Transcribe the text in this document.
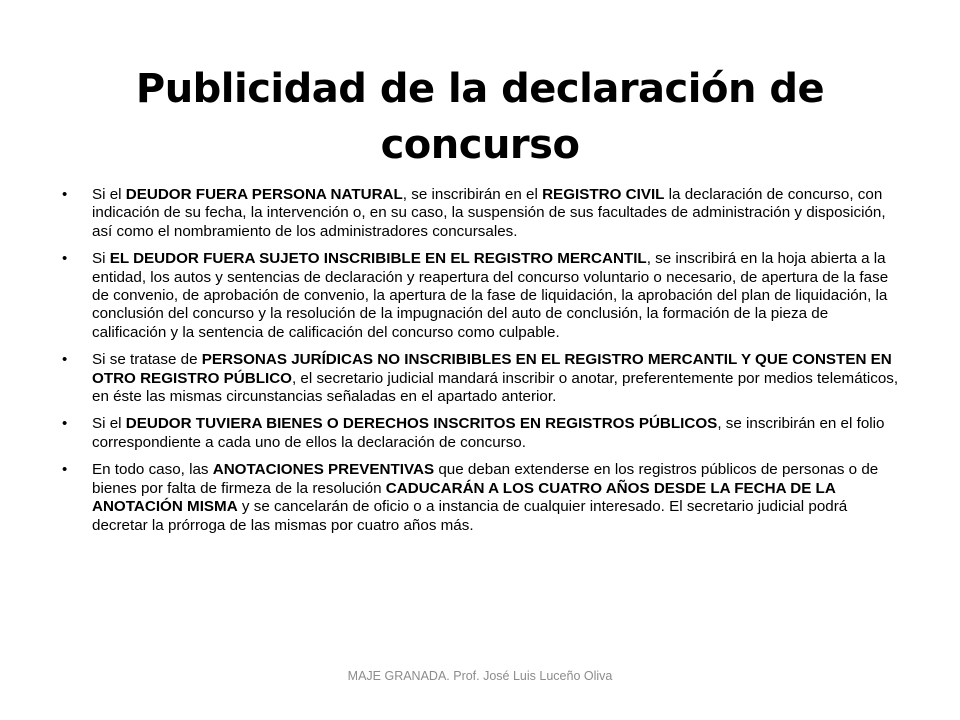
Publicidad de la declaración de concurso
•	Si el DEUDOR FUERA PERSONA NATURAL, se inscribirán en el REGISTRO CIVIL la declaración de concurso, con indicación de su fecha, la intervención o, en su caso, la suspensión de sus facultades de administración y disposición, así como el nombramiento de los administradores concursales.
•	Si EL DEUDOR FUERA SUJETO INSCRIBIBLE EN EL REGISTRO MERCANTIL, se inscribirá en la hoja abierta a la entidad, los autos y sentencias de declaración y reapertura del concurso voluntario o necesario, de apertura de la fase de convenio, de aprobación de convenio, la apertura de la fase de liquidación, la aprobación del plan de liquidación, la conclusión del concurso y la resolución de la impugnación del auto de conclusión, la formación de la pieza de calificación y la sentencia de calificación del concurso como culpable.
•	Si se tratase de PERSONAS JURÍDICAS NO INSCRIBIBLES EN EL REGISTRO MERCANTIL Y QUE CONSTEN EN OTRO REGISTRO PÚBLICO, el secretario judicial mandará inscribir o anotar, preferentemente por medios telemáticos, en éste las mismas circunstancias señaladas en el apartado anterior.
•	Si el DEUDOR TUVIERA BIENES O DERECHOS INSCRITOS EN REGISTROS PÚBLICOS, se inscribirán en el folio correspondiente a cada uno de ellos la declaración de concurso.
•	En todo caso, las ANOTACIONES PREVENTIVAS que deban extenderse en los registros públicos de personas o de bienes por falta de firmeza de la resolución CADUCARÁN A LOS CUATRO AÑOS DESDE LA FECHA DE LA ANOTACIÓN MISMA y se cancelarán de oficio o a instancia de cualquier interesado. El secretario judicial podrá decretar la prórroga de las mismas por cuatro años más.
MAJE GRANADA. Prof. José Luis Luceño Oliva
